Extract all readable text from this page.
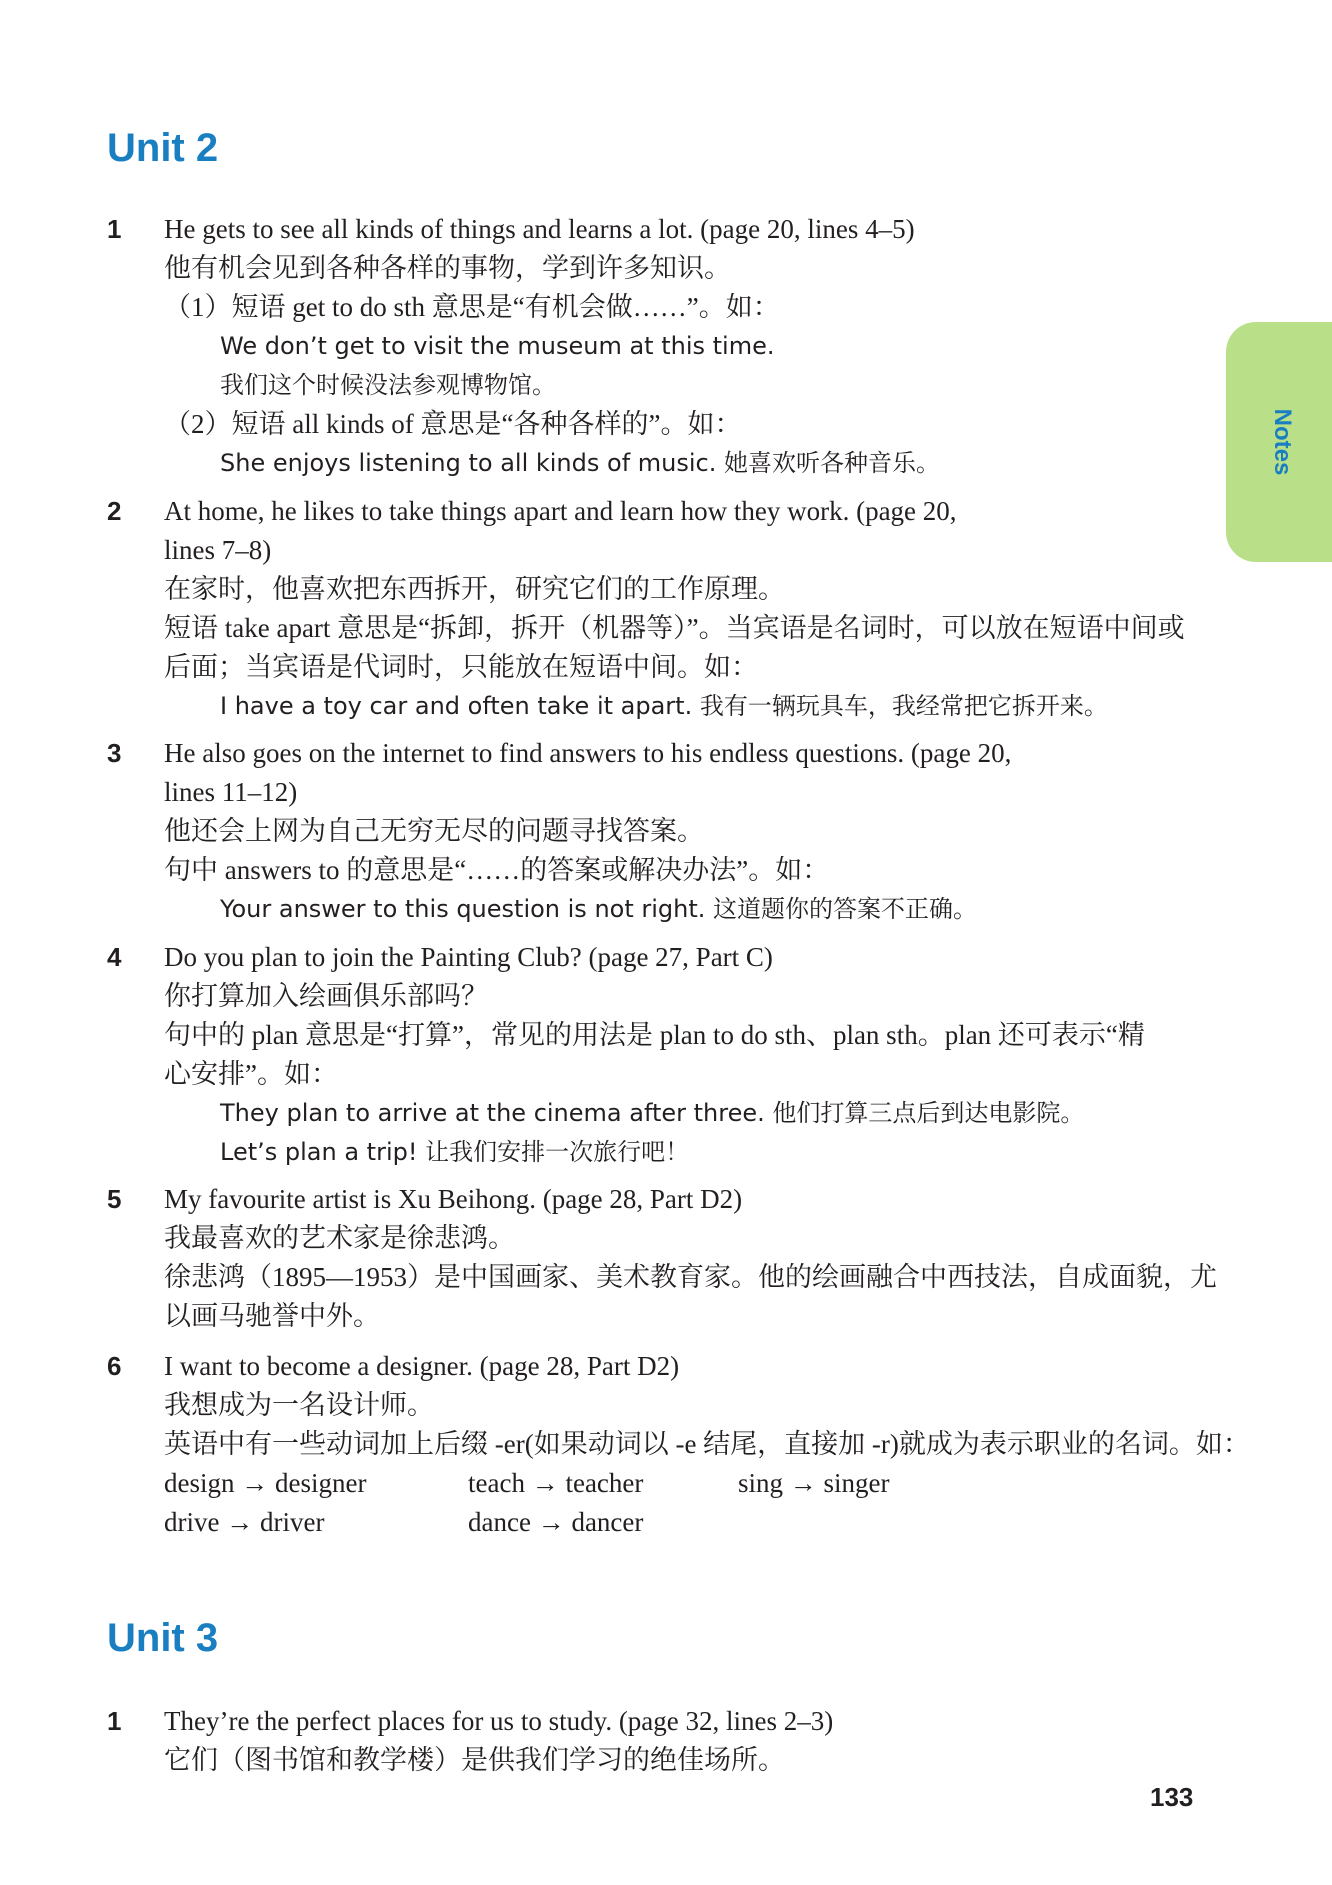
Notes
Unit 2
1	He gets to see all kinds of things and learns a lot. (page 20, lines 4–5)

他有机会见到各种各样的事物，学到许多知识。

（1）短语 get to do sth 意思是“有机会做……”。如：

We don’t get to visit the museum at this time.

我们这个时候没法参观博物馆。

（2）短语 all kinds of 意思是“各种各样的”。如：

She enjoys listening to all kinds of music. 她喜欢听各种音乐。

2	At home, he likes to take things apart and learn how they work. (page 20,

lines 7–8)

在家时，他喜欢把东西拆开，研究它们的工作原理。

短语 take apart 意思是“拆卸，拆开（机器等）”。当宾语是名词时，可以放在短语中间或

后面；当宾语是代词时，只能放在短语中间。如：

I have a toy car and often take it apart. 我有一辆玩具车，我经常把它拆开来。

3	He also goes on the internet to find answers to his endless questions. (page 20,

lines 11–12)

他还会上网为自己无穷无尽的问题寻找答案。

句中 answers to 的意思是“……的答案或解决办法”。如：

Your answer to this question is not right. 这道题你的答案不正确。

4	Do you plan to join the Painting Club? (page 27, Part C)

你打算加入绘画俱乐部吗？

句中的 plan 意思是“打算”，常见的用法是 plan to do sth、plan sth。plan 还可表示“精

心安排”。如：

They plan to arrive at the cinema after three. 他们打算三点后到达电影院。

Let’s plan a trip! 让我们安排一次旅行吧！

5	My favourite artist is Xu Beihong. (page 28, Part D2)

我最喜欢的艺术家是徐悲鸿。

徐悲鸿（1895—1953）是中国画家、美术教育家。他的绘画融合中西技法，自成面貌，尤

以画马驰誉中外。

6	I want to become a designer. (page 28, Part D2)

我想成为一名设计师。

英语中有一些动词加上后缀 -er(如果动词以 -e 结尾，直接加 -r)就成为表示职业的名词。如：

design → designer	teach → teacher	sing → singer
drive → driver	dance → dancer
Unit 3
1	They’re the perfect places for us to study. (page 32, lines 2–3)

它们（图书馆和教学楼）是供我们学习的绝佳场所。

133
